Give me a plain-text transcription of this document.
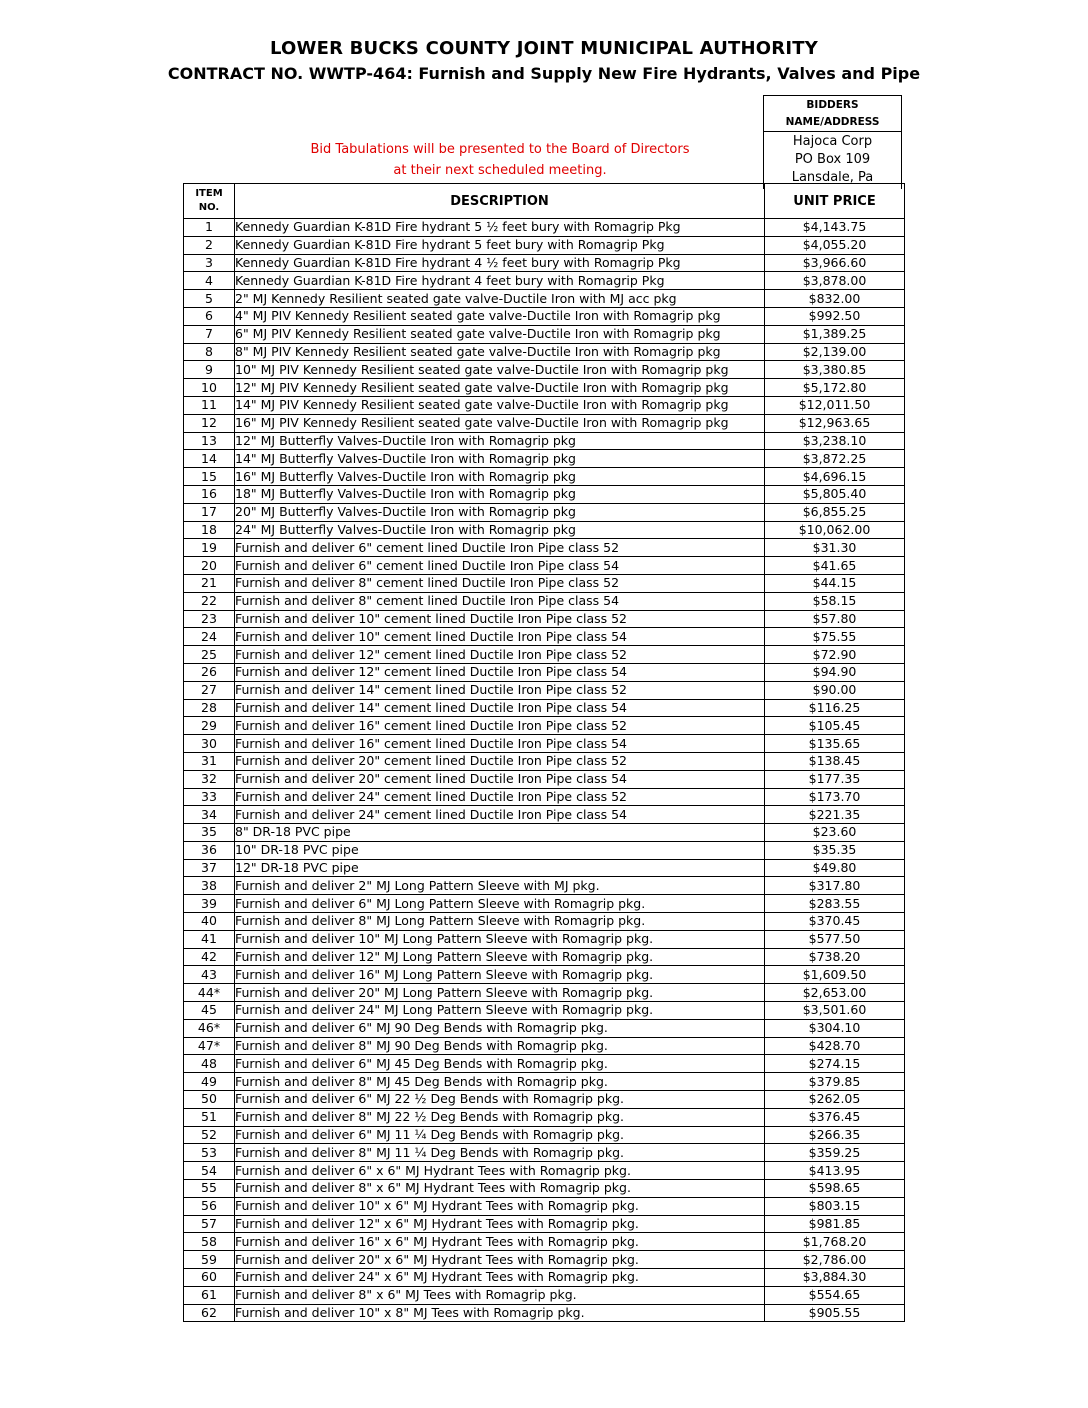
LOWER BUCKS COUNTY JOINT MUNICIPAL AUTHORITY
CONTRACT NO. WWTP-464: Furnish and Supply New Fire Hydrants, Valves and Pipe
Bid Tabulations will be presented to the Board of Directors
at their next scheduled meeting.
BIDDERS
NAME/ADDRESS
Hajoca Corp
PO Box 109
Lansdale, Pa
ITEM
NO.	DESCRIPTION	UNIT PRICE
1	Kennedy Guardian K-81D Fire hydrant 5 ½ feet bury with Romagrip Pkg	$4,143.75
2	Kennedy Guardian K-81D Fire hydrant 5 feet bury with Romagrip Pkg	$4,055.20
3	Kennedy Guardian K-81D Fire hydrant 4 ½ feet bury with Romagrip Pkg	$3,966.60
4	Kennedy Guardian K-81D Fire hydrant 4 feet bury with Romagrip Pkg	$3,878.00
5	2" MJ Kennedy Resilient seated gate valve-Ductile Iron with MJ acc pkg	$832.00
6	4" MJ PIV Kennedy Resilient seated gate valve-Ductile Iron with Romagrip pkg	$992.50
7	6" MJ PIV Kennedy Resilient seated gate valve-Ductile Iron with Romagrip pkg	$1,389.25
8	8" MJ PIV Kennedy Resilient seated gate valve-Ductile Iron with Romagrip pkg	$2,139.00
9	10" MJ PIV Kennedy Resilient seated gate valve-Ductile Iron with Romagrip pkg	$3,380.85
10	12" MJ PIV Kennedy Resilient seated gate valve-Ductile Iron with Romagrip pkg	$5,172.80
11	14" MJ PIV Kennedy Resilient seated gate valve-Ductile Iron with Romagrip pkg	$12,011.50
12	16" MJ PIV Kennedy Resilient seated gate valve-Ductile Iron with Romagrip pkg	$12,963.65
13	12" MJ Butterfly Valves-Ductile Iron with Romagrip pkg	$3,238.10
14	14" MJ Butterfly Valves-Ductile Iron with Romagrip pkg	$3,872.25
15	16" MJ Butterfly Valves-Ductile Iron with Romagrip pkg	$4,696.15
16	18" MJ Butterfly Valves-Ductile Iron with Romagrip pkg	$5,805.40
17	20" MJ Butterfly Valves-Ductile Iron with Romagrip pkg	$6,855.25
18	24" MJ Butterfly Valves-Ductile Iron with Romagrip pkg	$10,062.00
19	Furnish and deliver 6" cement lined Ductile Iron Pipe class 52	$31.30
20	Furnish and deliver 6" cement lined Ductile Iron Pipe class 54	$41.65
21	Furnish and deliver 8" cement lined Ductile Iron Pipe class 52	$44.15
22	Furnish and deliver 8" cement lined Ductile Iron Pipe class 54	$58.15
23	Furnish and deliver 10" cement lined Ductile Iron Pipe class 52	$57.80
24	Furnish and deliver 10" cement lined Ductile Iron Pipe class 54	$75.55
25	Furnish and deliver 12" cement lined Ductile Iron Pipe class 52	$72.90
26	Furnish and deliver 12" cement lined Ductile Iron Pipe class 54	$94.90
27	Furnish and deliver 14" cement lined Ductile Iron Pipe class 52	$90.00
28	Furnish and deliver 14" cement lined Ductile Iron Pipe class 54	$116.25
29	Furnish and deliver 16" cement lined Ductile Iron Pipe class 52	$105.45
30	Furnish and deliver 16" cement lined Ductile Iron Pipe class 54	$135.65
31	Furnish and deliver 20" cement lined Ductile Iron Pipe class 52	$138.45
32	Furnish and deliver 20" cement lined Ductile Iron Pipe class 54	$177.35
33	Furnish and deliver 24" cement lined Ductile Iron Pipe class 52	$173.70
34	Furnish and deliver 24" cement lined Ductile Iron Pipe class 54	$221.35
35	8" DR-18 PVC pipe	$23.60
36	10" DR-18 PVC pipe	$35.35
37	12" DR-18 PVC pipe	$49.80
38	Furnish and deliver 2" MJ Long Pattern Sleeve with MJ pkg.	$317.80
39	Furnish and deliver 6" MJ Long Pattern Sleeve with Romagrip pkg.	$283.55
40	Furnish and deliver 8" MJ Long Pattern Sleeve with Romagrip pkg.	$370.45
41	Furnish and deliver 10" MJ Long Pattern Sleeve with Romagrip pkg.	$577.50
42	Furnish and deliver 12" MJ Long Pattern Sleeve with Romagrip pkg.	$738.20
43	Furnish and deliver 16" MJ Long Pattern Sleeve with Romagrip pkg.	$1,609.50
44*	Furnish and deliver 20" MJ Long Pattern Sleeve with Romagrip pkg.	$2,653.00
45	Furnish and deliver 24" MJ Long Pattern Sleeve with Romagrip pkg.	$3,501.60
46*	Furnish and deliver 6" MJ 90 Deg Bends with Romagrip pkg.	$304.10
47*	Furnish and deliver 8" MJ 90 Deg Bends with Romagrip pkg.	$428.70
48	Furnish and deliver 6" MJ 45 Deg Bends with Romagrip pkg.	$274.15
49	Furnish and deliver 8" MJ 45 Deg Bends with Romagrip pkg.	$379.85
50	Furnish and deliver 6" MJ 22 ½ Deg Bends with Romagrip pkg.	$262.05
51	Furnish and deliver 8" MJ 22 ½ Deg Bends with Romagrip pkg.	$376.45
52	Furnish and deliver 6" MJ 11 ¼ Deg Bends with Romagrip pkg.	$266.35
53	Furnish and deliver 8" MJ 11 ¼ Deg Bends with Romagrip pkg.	$359.25
54	Furnish and deliver 6" x 6" MJ Hydrant Tees with Romagrip pkg.	$413.95
55	Furnish and deliver 8" x 6" MJ Hydrant Tees with Romagrip pkg.	$598.65
56	Furnish and deliver 10" x 6" MJ Hydrant Tees with Romagrip pkg.	$803.15
57	Furnish and deliver 12" x 6" MJ Hydrant Tees with Romagrip pkg.	$981.85
58	Furnish and deliver 16" x 6" MJ Hydrant Tees with Romagrip pkg.	$1,768.20
59	Furnish and deliver 20" x 6" MJ Hydrant Tees with Romagrip pkg.	$2,786.00
60	Furnish and deliver 24" x 6" MJ Hydrant Tees with Romagrip pkg.	$3,884.30
61	Furnish and deliver 8" x 6" MJ Tees with Romagrip pkg.	$554.65
62	Furnish and deliver 10" x 8" MJ Tees with Romagrip pkg.	$905.55
